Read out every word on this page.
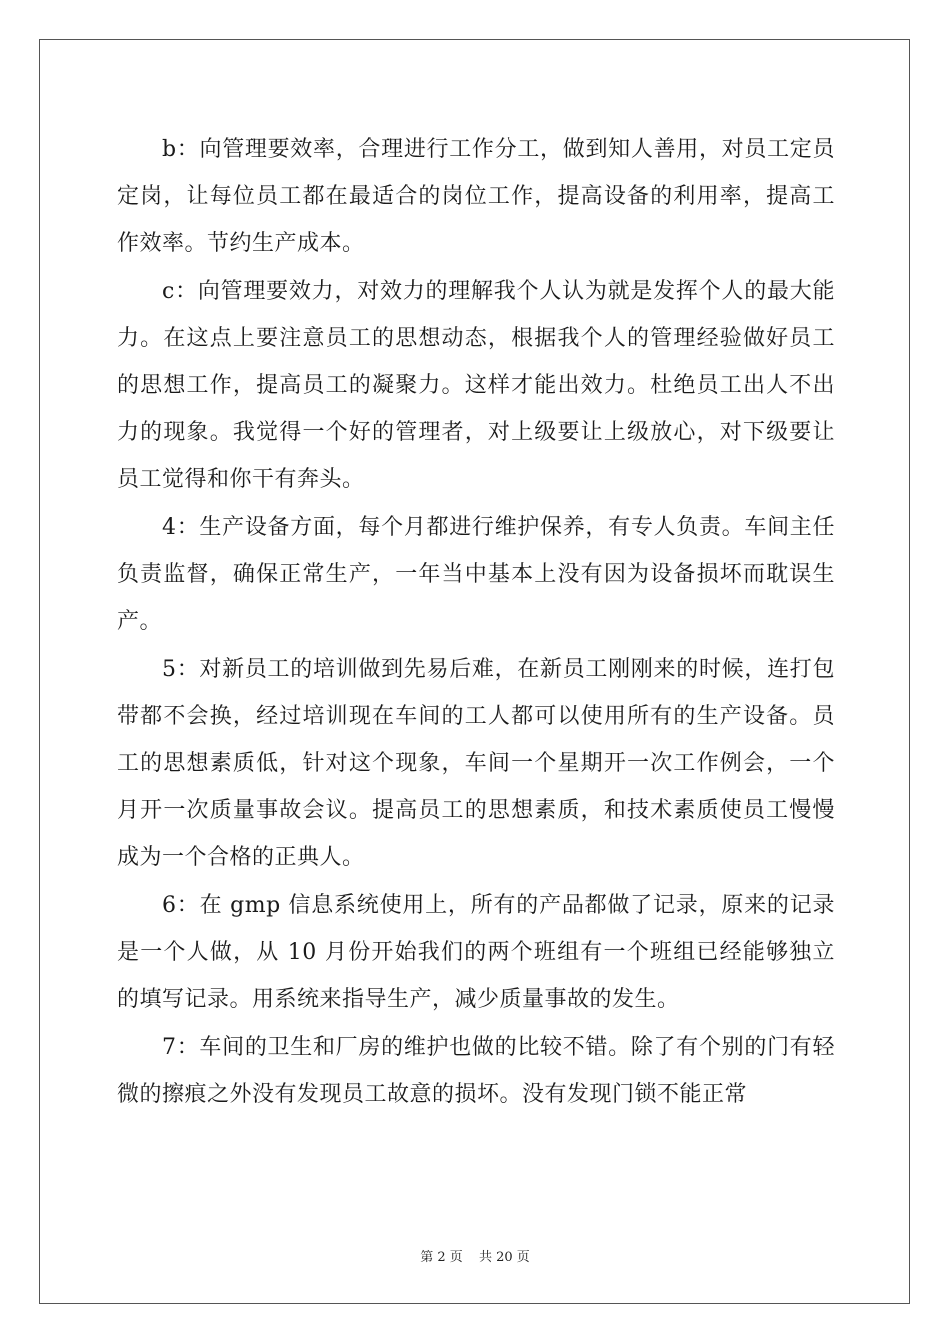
b：向管理要效率，合理进行工作分工，做到知人善用，对员工定员定岗，让每位员工都在最适合的岗位工作，提高设备的利用率，提高工作效率。节约生产成本。

c：向管理要效力，对效力的理解我个人认为就是发挥个人的最大能力。在这点上要注意员工的思想动态，根据我个人的管理经验做好员工的思想工作，提高员工的凝聚力。这样才能出效力。杜绝员工出人不出力的现象。我觉得一个好的管理者，对上级要让上级放心，对下级要让员工觉得和你干有奔头。

4：生产设备方面，每个月都进行维护保养，有专人负责。车间主任负责监督，确保正常生产，一年当中基本上没有因为设备损坏而耽误生产。

5：对新员工的培训做到先易后难，在新员工刚刚来的时候，连打包带都不会换，经过培训现在车间的工人都可以使用所有的生产设备。员工的思想素质低，针对这个现象，车间一个星期开一次工作例会，一个月开一次质量事故会议。提高员工的思想素质，和技术素质使员工慢慢成为一个合格的正典人。

6：在 gmp 信息系统使用上，所有的产品都做了记录，原来的记录是一个人做，从 10 月份开始我们的两个班组有一个班组已经能够独立的填写记录。用系统来指导生产，减少质量事故的发生。

7：车间的卫生和厂房的维护也做的比较不错。除了有个别的门有轻微的擦痕之外没有发现员工故意的损坏。没有发现门锁不能正常

第 2 页 共 20 页
